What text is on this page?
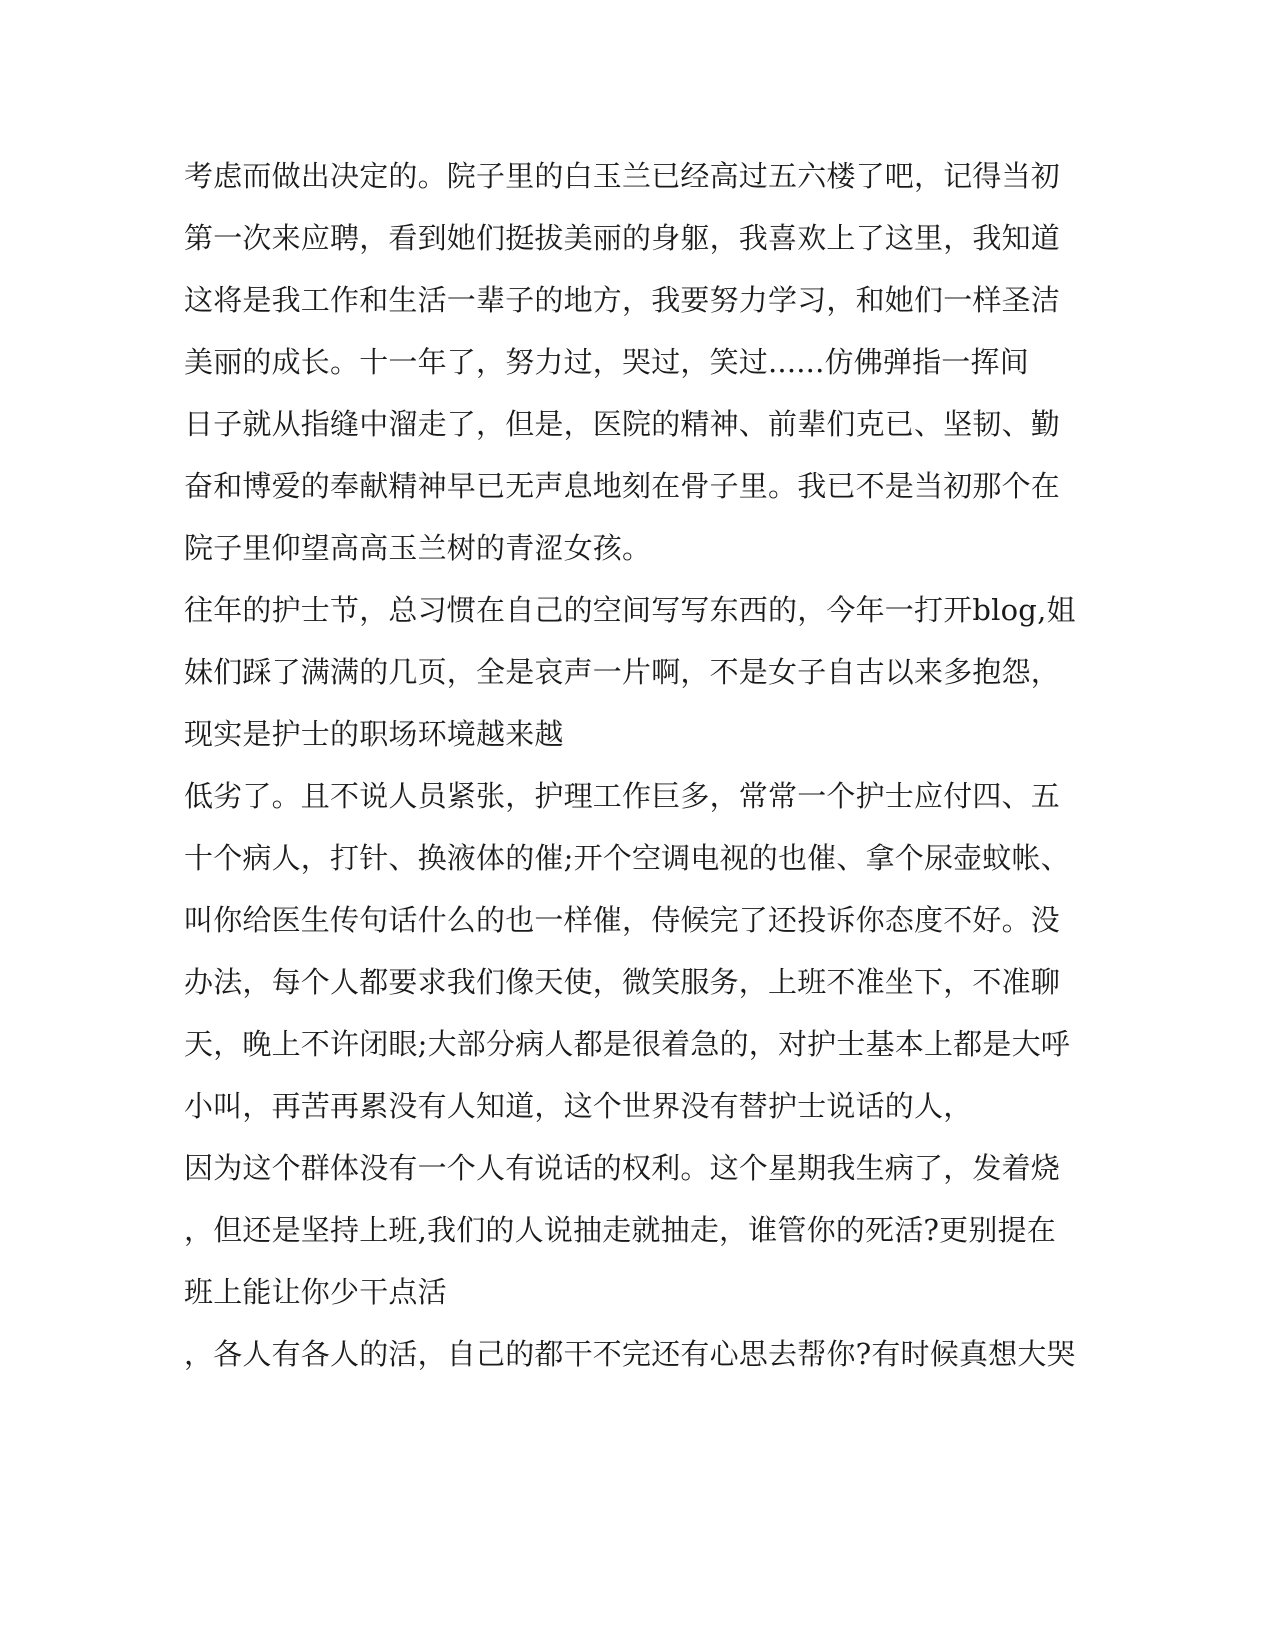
考虑而做出决定的。院子里的白玉兰已经高过五六楼了吧，记得当初
第一次来应聘，看到她们挺拔美丽的身躯，我喜欢上了这里，我知道
这将是我工作和生活一辈子的地方，我要努力学习，和她们一样圣洁
美丽的成长。十一年了，努力过，哭过，笑过......仿佛弹指一挥间
日子就从指缝中溜走了，但是，医院的精神、前辈们克已、坚韧、勤
奋和博爱的奉献精神早已无声息地刻在骨子里。我已不是当初那个在
院子里仰望高高玉兰树的青涩女孩。
往年的护士节，总习惯在自己的空间写写东西的，今年一打开blog,姐
妹们踩了满满的几页，全是哀声一片啊，不是女子自古以来多抱怨，
现实是护士的职场环境越来越
低劣了。且不说人员紧张，护理工作巨多，常常一个护士应付四、五
十个病人，打针、换液体的催;开个空调电视的也催、拿个尿壶蚊帐、
叫你给医生传句话什么的也一样催，侍候完了还投诉你态度不好。没
办法，每个人都要求我们像天使，微笑服务，上班不准坐下，不准聊
天，晚上不许闭眼;大部分病人都是很着急的，对护士基本上都是大呼
小叫，再苦再累没有人知道，这个世界没有替护士说话的人，
因为这个群体没有一个人有说话的权利。这个星期我生病了，发着烧
，但还是坚持上班,我们的人说抽走就抽走，谁管你的死活?更别提在
班上能让你少干点活
，各人有各人的活，自己的都干不完还有心思去帮你?有时候真想大哭
